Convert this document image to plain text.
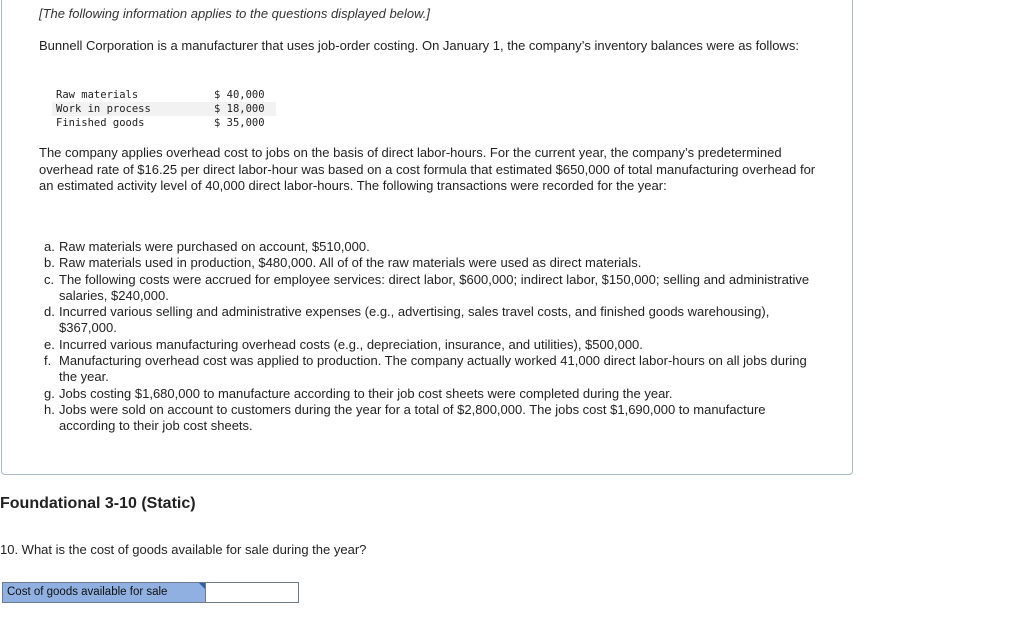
[The following information applies to the questions displayed below.]
Bunnell Corporation is a manufacturer that uses job-order costing. On January 1, the company’s inventory balances were as follows:
Raw materials	$ 40,000
Work in process	$ 18,000
Finished goods	$ 35,000
The company applies overhead cost to jobs on the basis of direct labor-hours. For the current year, the company’s predetermined overhead rate of $16.25 per direct labor-hour was based on a cost formula that estimated $650,000 of total manufacturing overhead for an estimated activity level of 40,000 direct labor-hours. The following transactions were recorded for the year:
a. Raw materials were purchased on account, $510,000.
b. Raw materials used in production, $480,000. All of of the raw materials were used as direct materials.
c. The following costs were accrued for employee services: direct labor, $600,000; indirect labor, $150,000; selling and administrative salaries, $240,000.
d. Incurred various selling and administrative expenses (e.g., advertising, sales travel costs, and finished goods warehousing), $367,000.
e. Incurred various manufacturing overhead costs (e.g., depreciation, insurance, and utilities), $500,000.
f. Manufacturing overhead cost was applied to production. The company actually worked 41,000 direct labor-hours on all jobs during the year.
g. Jobs costing $1,680,000 to manufacture according to their job cost sheets were completed during the year.
h. Jobs were sold on account to customers during the year for a total of $2,800,000. The jobs cost $1,690,000 to manufacture according to their job cost sheets.
Foundational 3-10 (Static)
10. What is the cost of goods available for sale during the year?
Cost of goods available for sale
